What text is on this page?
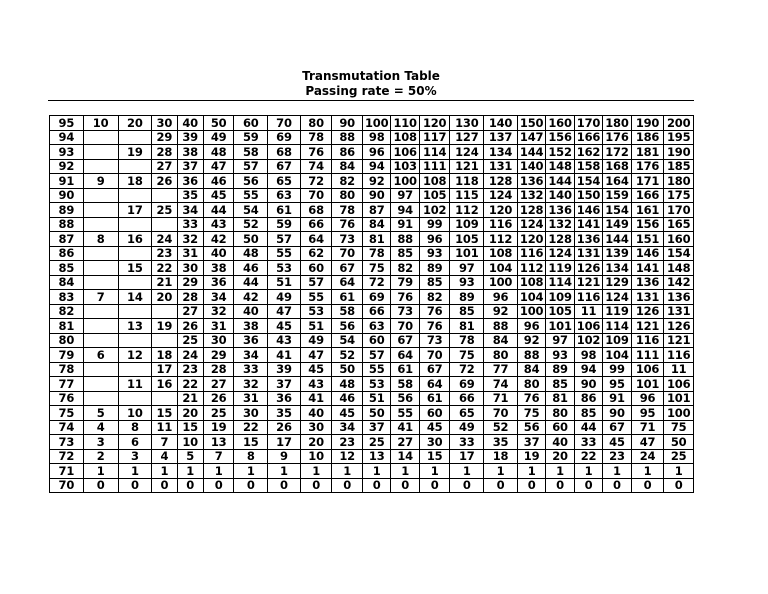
Transmutation Table
Passing rate = 50%
95	10	20	30	40	50	60	70	80	90	100	110	120	130	140	150	160	170	180	190	200
94			29	39	49	59	69	78	88	98	108	117	127	137	147	156	166	176	186	195
93		19	28	38	48	58	68	76	86	96	106	114	124	134	144	152	162	172	181	190
92			27	37	47	57	67	74	84	94	103	111	121	131	140	148	158	168	176	185
91	9	18	26	36	46	56	65	72	82	92	100	108	118	128	136	144	154	164	171	180
90				35	45	55	63	70	80	90	97	105	115	124	132	140	150	159	166	175
89		17	25	34	44	54	61	68	78	87	94	102	112	120	128	136	146	154	161	170
88				33	43	52	59	66	76	84	91	99	109	116	124	132	141	149	156	165
87	8	16	24	32	42	50	57	64	73	81	88	96	105	112	120	128	136	144	151	160
86			23	31	40	48	55	62	70	78	85	93	101	108	116	124	131	139	146	154
85		15	22	30	38	46	53	60	67	75	82	89	97	104	112	119	126	134	141	148
84			21	29	36	44	51	57	64	72	79	85	93	100	108	114	121	129	136	142
83	7	14	20	28	34	42	49	55	61	69	76	82	89	96	104	109	116	124	131	136
82				27	32	40	47	53	58	66	73	76	85	92	100	105	11	119	126	131
81		13	19	26	31	38	45	51	56	63	70	76	81	88	96	101	106	114	121	126
80				25	30	36	43	49	54	60	67	73	78	84	92	97	102	109	116	121
79	6	12	18	24	29	34	41	47	52	57	64	70	75	80	88	93	98	104	111	116
78			17	23	28	33	39	45	50	55	61	67	72	77	84	89	94	99	106	11
77		11	16	22	27	32	37	43	48	53	58	64	69	74	80	85	90	95	101	106
76				21	26	31	36	41	46	51	56	61	66	71	76	81	86	91	96	101
75	5	10	15	20	25	30	35	40	45	50	55	60	65	70	75	80	85	90	95	100
74	4	8	11	15	19	22	26	30	34	37	41	45	49	52	56	60	44	67	71	75
73	3	6	7	10	13	15	17	20	23	25	27	30	33	35	37	40	33	45	47	50
72	2	3	4	5	7	8	9	10	12	13	14	15	17	18	19	20	22	23	24	25
71	1	1	1	1	1	1	1	1	1	1	1	1	1	1	1	1	1	1	1	1
70	0	0	0	0	0	0	0	0	0	0	0	0	0	0	0	0	0	0	0	0
